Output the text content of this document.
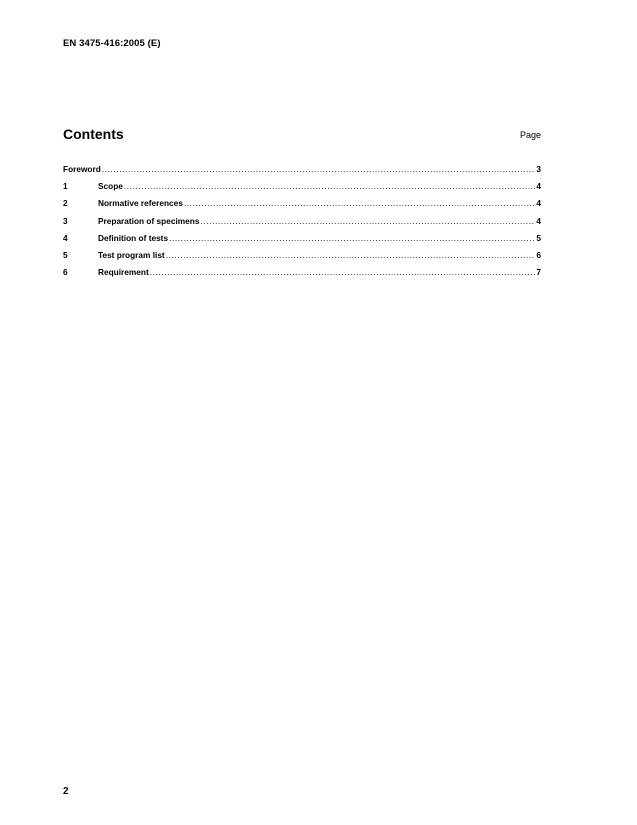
EN 3475-416:2005 (E)
Contents	Page
Foreword .....	3
1	Scope .....	4
2	Normative references .....	4
3	Preparation of specimens .....	4
4	Definition of tests .....	5
5	Test program list .....	6
6	Requirement .....	7
2
